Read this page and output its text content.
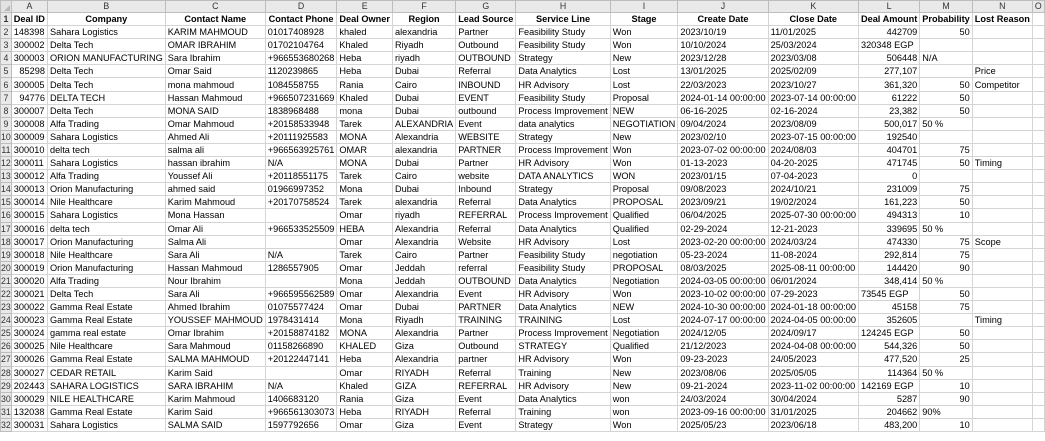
	A	B	C	D	E	F	G	H	I	J	K	L	M	N	O
1	Deal ID	Company	Contact Name	Contact Phone	Deal Owner	Region	Lead Source	Service Line	Stage	Create Date	Close Date	Deal Amount	Probability	Lost Reason	
2	148398	Sahara Logistics	KARIM MAHMOUD	01017408928	khaled	alexandria	Partner	Feasibility Study	Won	2023/10/19	11/01/2025	442709	50		
3	300002	Delta Tech	OMAR IBRAHIM	01702104764	Khaled	Riyadh	Outbound	Feasibility Study	Won	10/10/2024	25/03/2024	320348 EGP			
4	300003	ORION MANUFACTURING	Sara Ibrahim	+966553680268	Heba	riyadh	OUTBOUND	Strategy	New	2023/12/28	2023/03/08	506448	N/A		
5	85298	Delta Tech	Omar Said	1120239865	Heba	Dubai	Referral	Data Analytics	Lost	13/01/2025	2025/02/09	277,107		Price	
6	300005	Delta Tech	mona mahmoud	1084558755	Rania	Cairo	INBOUND	HR Advisory	Lost	22/03/2023	2023/10/27	361,320	50	Competitor	
7	94776	DELTA TECH	Hassan Mahmoud	+966507231669	Khaled	Dubai	EVENT	Feasibility Study	Proposal	2024-01-14 00:00:00	2023-07-14 00:00:00	61222	50		
8	300007	Delta Tech	MONA SAID	1838968488	mona	Dubai	outbound	Process Improvement	NEW	06-16-2025	02-16-2024	23,382	50		
9	300008	Alfa Trading	Omar Mahmoud	+20158533948	Tarek	ALEXANDRIA	Event	data analytics	NEGOTIATION	09/04/2024	2023/08/09	500,017	50 %		
10	300009	Sahara Logistics	Ahmed Ali	+20111925583	MONA	Alexandria	WEBSITE	Strategy	New	2023/02/10	2023-07-15 00:00:00	192540			
11	300010	delta tech	salma ali	+966563925761	OMAR	alexandria	PARTNER	Process Improvement	Won	2023-07-02 00:00:00	2024/08/03	404701	75		
12	300011	Sahara Logistics	hassan ibrahim	N/A	MONA	Dubai	Partner	HR Advisory	Won	01-13-2023	04-20-2025	471745	50	Timing	
13	300012	Alfa Trading	Youssef Ali	+20118551175	Tarek	Cairo	website	DATA ANALYTICS	WON	2023/01/15	07-04-2023	0			
14	300013	Orion Manufacturing	ahmed said	01966997352	Mona	Dubai	Inbound	Strategy	Proposal	09/08/2023	2024/10/21	231009	75		
15	300014	Nile Healthcare	Karim Mahmoud	+20170758524	Tarek	alexandria	Referral	Data Analytics	PROPOSAL	2023/09/21	19/02/2024	161,223	50		
16	300015	Sahara Logistics	Mona Hassan		Omar	riyadh	REFERRAL	Process Improvement	Qualified	06/04/2025	2025-07-30 00:00:00	494313	10		
17	300016	delta tech	Omar Ali	+966533525509	HEBA	Alexandria	Referral	Data Analytics	Qualified	02-29-2024	12-21-2023	339695	50 %		
18	300017	Orion Manufacturing	Salma Ali		Omar	Alexandria	Website	HR Advisory	Lost	2023-02-20 00:00:00	2024/03/24	474330	75	Scope	
19	300018	Nile Healthcare	Sara Ali	N/A	Tarek	Cairo	Partner	Feasibility Study	negotiation	05-23-2024	11-08-2024	292,814	75		
20	300019	Orion Manufacturing	Hassan Mahmoud	1286557905	Omar	Jeddah	referral	Feasibility Study	PROPOSAL	08/03/2025	2025-08-11 00:00:00	144420	90		
21	300020	Alfa Trading	Nour Ibrahim		Mona	Jeddah	OUTBOUND	Data Analytics	Negotiation	2024-03-05 00:00:00	06/01/2024	348,414	50 %		
22	300021	Delta Tech	Sara Ali	+966595562589	Omar	Alexandria	Event	HR Advisory	Won	2023-10-02 00:00:00	07-29-2023	73545 EGP	50		
23	300022	Gamma Real Estate	Ahmed Ibrahim	01075577424	Omar	Dubai	PARTNER	Data Analytics	NEW	2024-10-30 00:00:00	2024-01-18 00:00:00	45158	75		
24	300023	Gamma Real Estate	YOUSSEF MAHMOUD	1978431414	Mona	Riyadh	TRAINING	TRAINING	Lost	2024-07-17 00:00:00	2024-04-05 00:00:00	352605		Timing	
25	300024	gamma real estate	Omar Ibrahim	+20158874182	MONA	Alexandria	Partner	Process Improvement	Negotiation	2024/12/05	2024/09/17	124245 EGP	50		
26	300025	Nile Healthcare	Sara Mahmoud	01158266890	KHALED	Giza	Outbound	STRATEGY	Qualified	21/12/2023	2024-04-08 00:00:00	544,326	50		
27	300026	Gamma Real Estate	SALMA MAHMOUD	+20122447141	Heba	Alexandria	partner	HR Advisory	Won	09-23-2023	24/05/2023	477,520	25		
28	300027	CEDAR RETAIL	Karim Said		Omar	RIYADH	Referral	Training	New	2023/08/06	2025/05/05	114364	50 %		
29	202443	SAHARA LOGISTICS	SARA IBRAHIM	N/A	Khaled	GIZA	REFERRAL	HR Advisory	New	09-21-2024	2023-11-02 00:00:00	142169 EGP	10		
30	300029	NILE HEALTHCARE	Karim Mahmoud	1406683120	Rania	Giza	Event	Data Analytics	won	24/03/2024	30/04/2024	5287	90		
31	132038	Gamma Real Estate	Karim Said	+966561303073	Heba	RIYADH	Referral	Training	won	2023-09-16 00:00:00	31/01/2025	204662	90%		
32	300031	Sahara Logistics	SALMA SAID	1597792656	Omar	Giza	Event	Strategy	Won	2025/05/23	2023/06/18	483,200	10		
